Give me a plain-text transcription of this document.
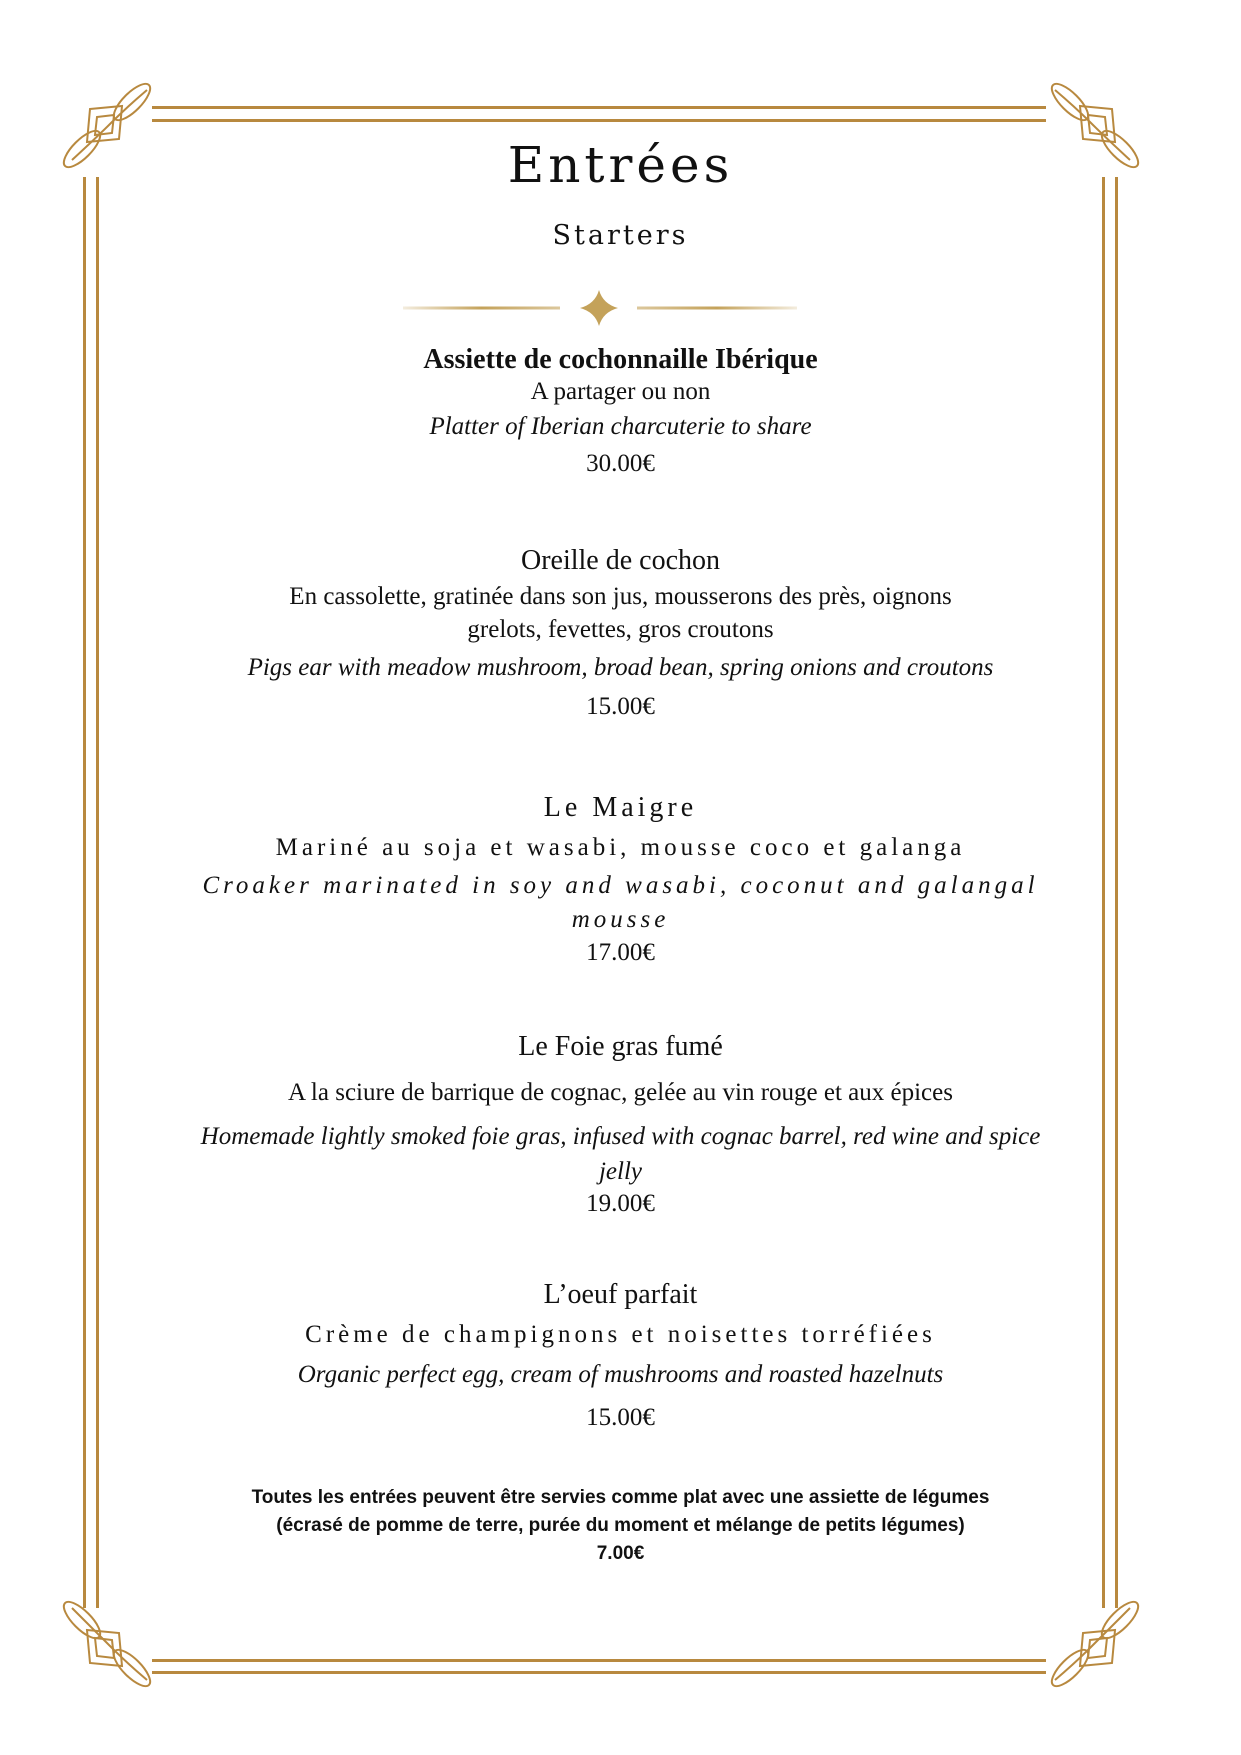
Entrées
Starters
Assiette de cochonnaille Ibérique
A partager ou non
Platter of Iberian charcuterie to share
30.00€
Oreille de cochon
En cassolette, gratinée dans son jus, mousserons des près, oignons
grelots, fevettes, gros croutons
Pigs ear with meadow mushroom, broad bean, spring onions and croutons
15.00€
Le Maigre
Mariné au soja et wasabi, mousse coco et galanga
Croaker marinated in soy and wasabi, coconut and galangal
mousse
17.00€
Le Foie gras fumé
A la sciure de barrique de cognac, gelée au vin rouge et aux épices
Homemade lightly smoked foie gras, infused with cognac barrel, red wine and spice
jelly
19.00€
L’oeuf parfait
Crème de champignons et noisettes torréfiées
Organic perfect egg, cream of mushrooms and roasted hazelnuts
15.00€
Toutes les entrées peuvent être servies comme plat avec une assiette de légumes
(écrasé de pomme de terre, purée du moment et mélange de petits légumes)
7.00€
